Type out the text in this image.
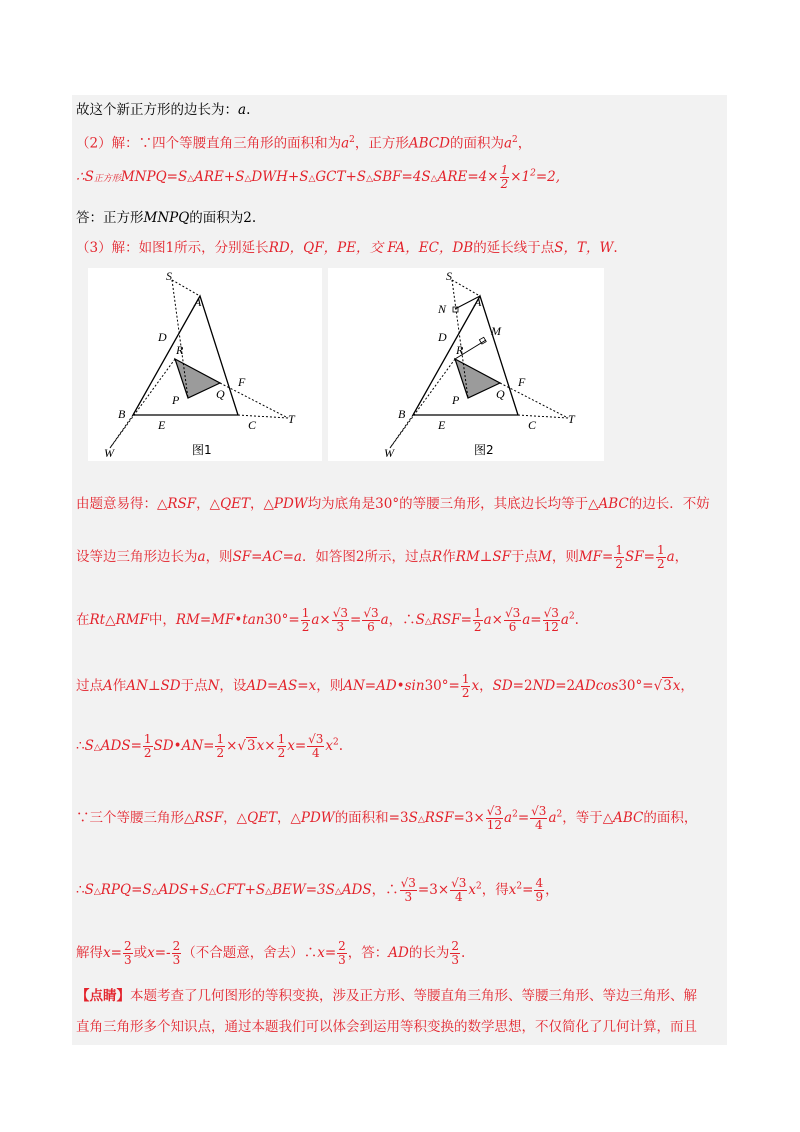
故这个新正方形的边长为：a.
（2）解：∵四个等腰直角三角形的面积和为$a^2$，正方形ABCD的面积为$a^2$，
∴S正方形MNPQ=S△ARE+S△DWH+S△GCT+S△SBF=4S△ARE=4× $\frac{1}{2} \times 1^2=2$,
答：正方形MNPQ的面积为2.
（3）解：如图1所示，分别延长RD，QF，PE，交 FA，EC，DB的延长线于点S，T，W.
S
A
D
R
F
Q
P
B
E	C	T
W	图1
S
A
N
M
D
R
F
Q
P
B
E	C	T
W	图2
由题意易得：△RSF，△QET，△PDW均为底角是30°的等腰三角形，其底边长均等于△ABC的边长．不妨
设等边三角形边长为a，则SF=AC=a．如答图2所示，过点R作RM⊥SF于点M，则$MF= \frac{1}{2} SF= \frac{1}{2}$ a，
在Rt△RMF中，RM=MF•tan30°= $\frac{1}{2} a\times \frac{√3}{3} = \frac{√3}{6}$ a，∴S△RSF= $\frac{1}{2} a\times \frac{√3}{6} a= \frac{√3}{12} a^2$.
过点A作AN⊥SD于点N，设AD=AS=x，则AN=AD•sin30°= $\frac{1}{2}$ x，SD=2ND=2ADcos30°=√3x，
∴S△ADS= $\frac{1}{2}$ SD•AN= $\frac{1}{2} \times√3x\times \frac{1}{2} x= \frac{√3}{4} x^2$.
∵三个等腰三角形△RSF，△QET，△PDW的面积和=3S△RSF=3× $\frac{√3}{12} a^2= \frac{√3}{4} a^2$，等于△ABC的面积，
∴S△RPQ=S△ADS+S△CFT+S△BEW=3S△ADS，∴ $\frac{√3}{3} =3\times \frac{√3}{4} x^2$，得$x^2= \frac{4}{9}$ ，
解得$x= \frac{2}{3}$ 或$x=- \frac{2}{3}$ （不合题意，舍去）∴x= $\frac{2}{3}$ ，答：AD的长为 $\frac{2}{3}$ .
【点睛】本题考查了几何图形的等积变换，涉及正方形、等腰直角三角形、等腰三角形、等边三角形、解
直角三角形多个知识点，通过本题我们可以体会到运用等积变换的数学思想，不仅简化了几何计算，而且
